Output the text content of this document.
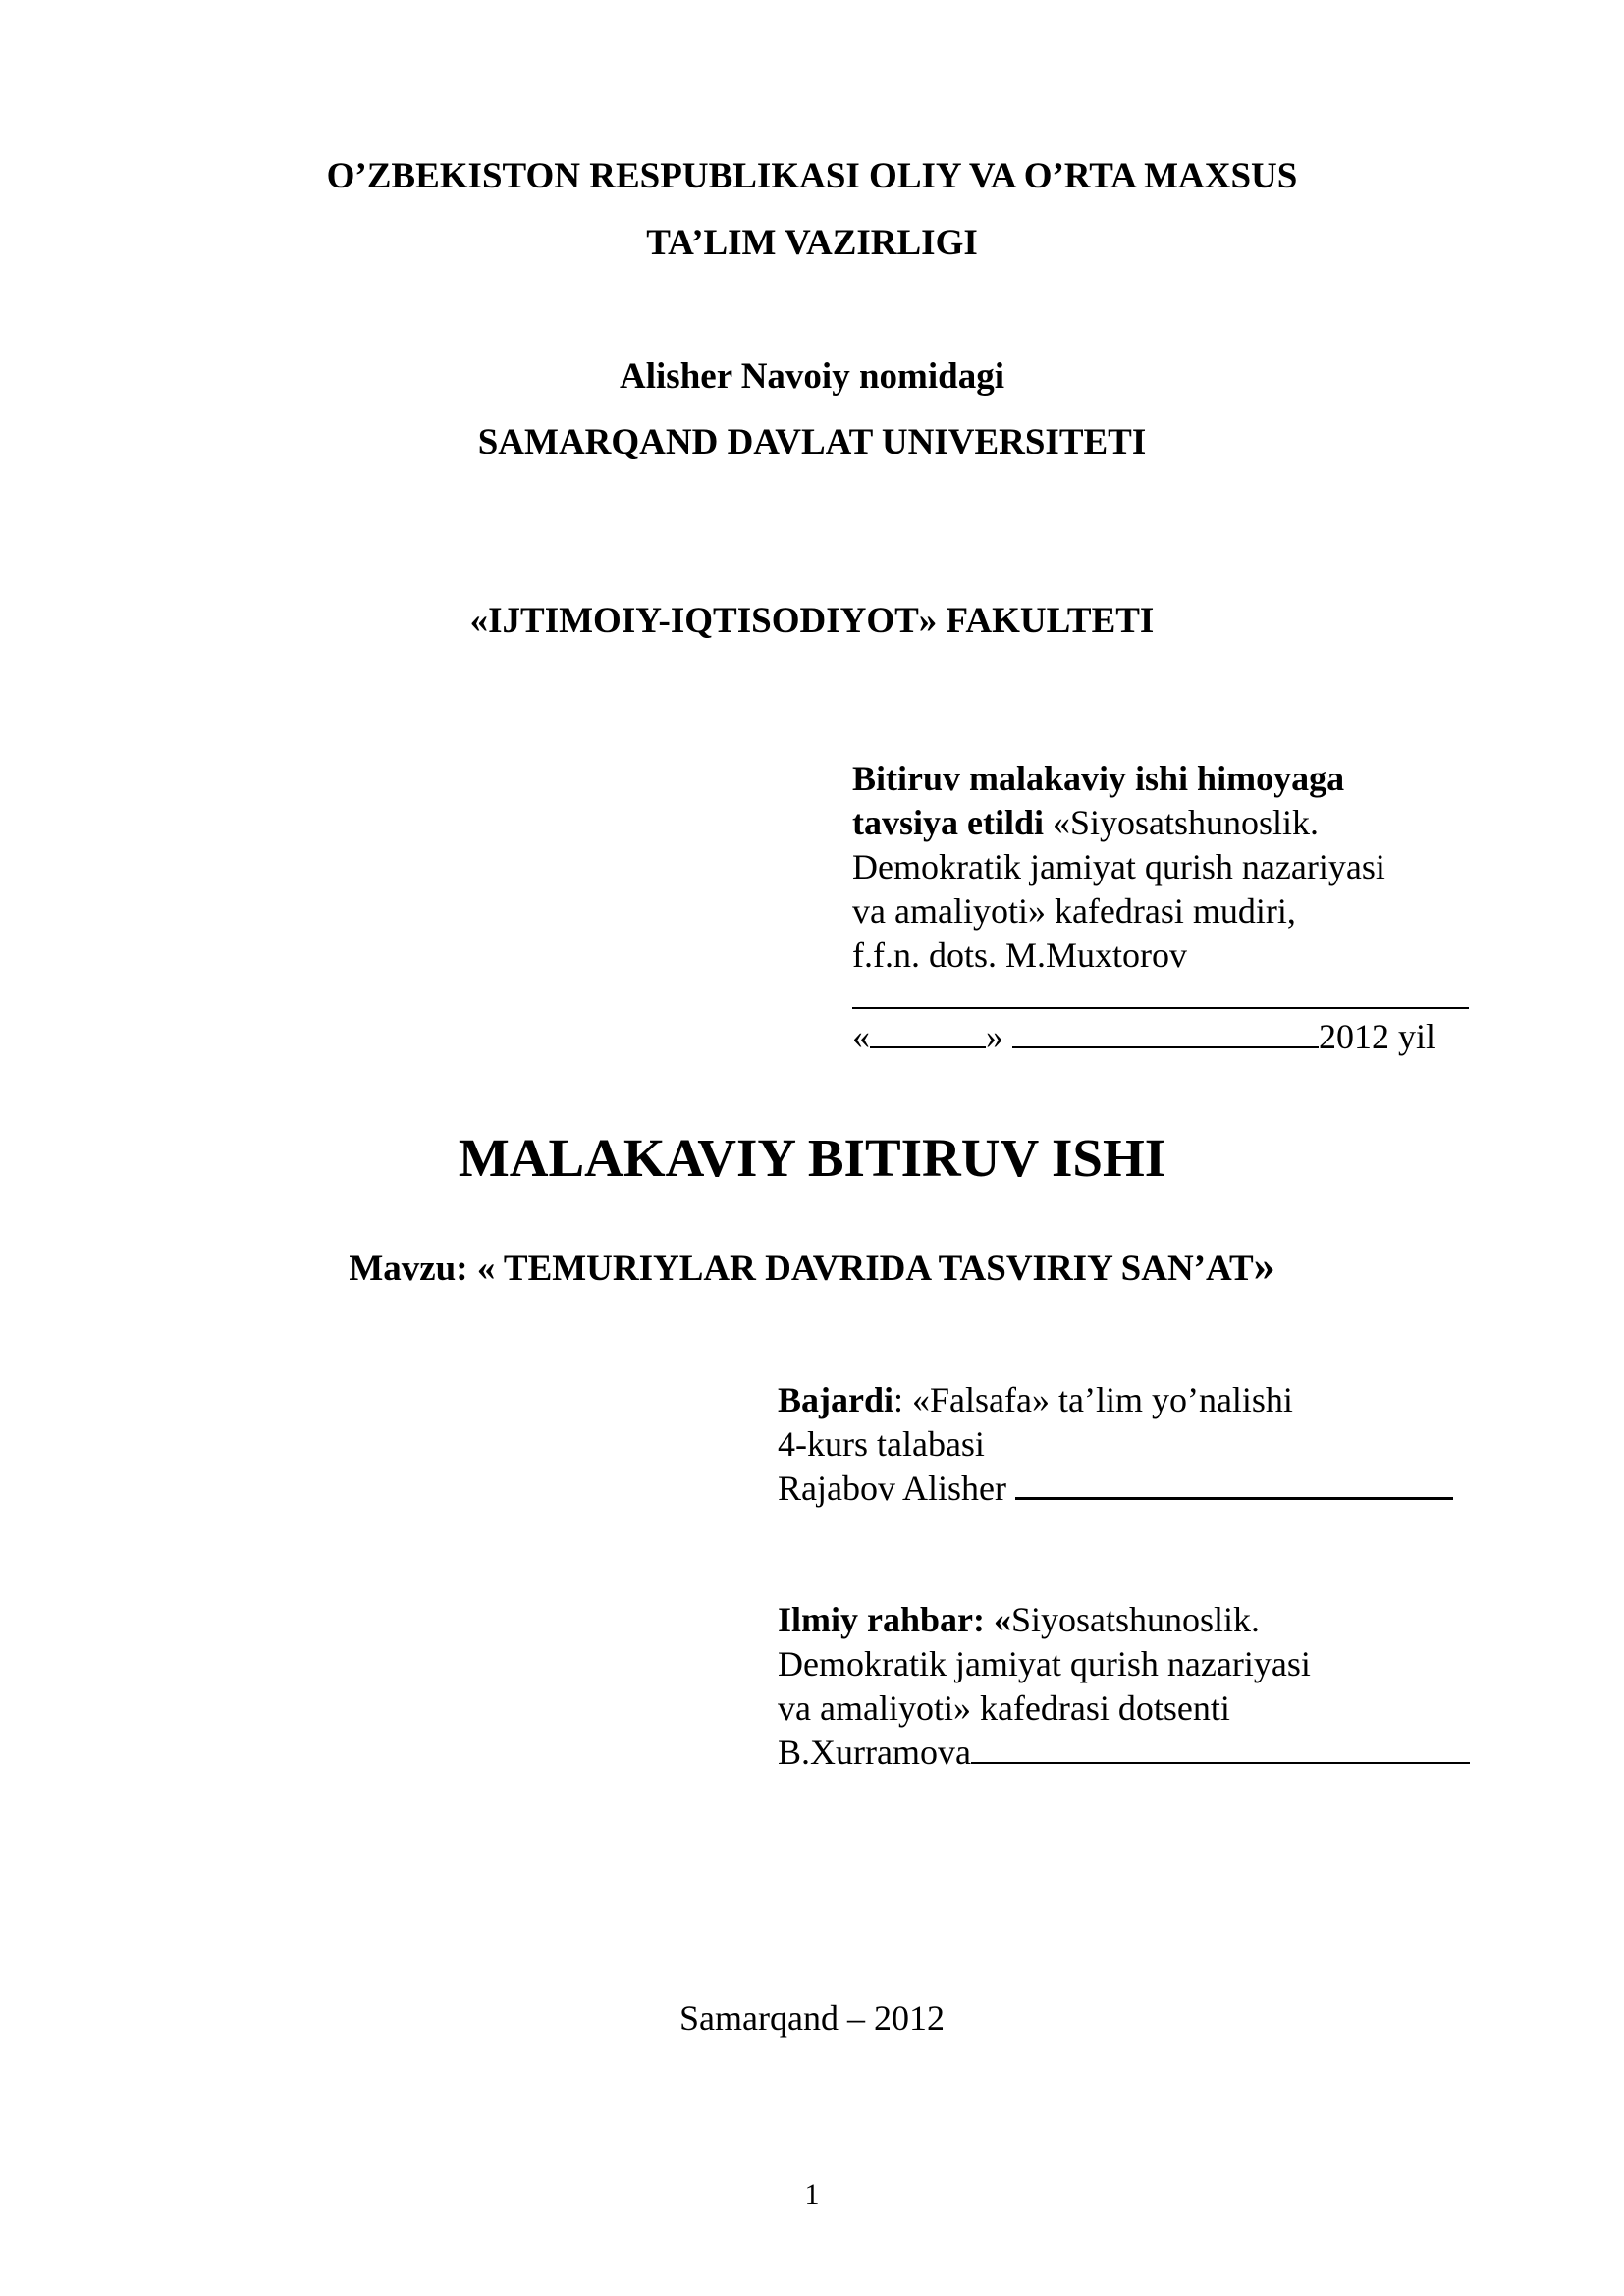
O’ZBEKISTON RESPUBLIKASI OLIY VA O’RTA MAXSUS
TA’LIM VAZIRLIGI
Alisher Navoiy nomidagi
SAMARQAND DAVLAT UNIVERSITETI
«IJTIMOIY-IQTISODIYOT» FAKULTETI
Bitiruv malakaviy ishi himoyaga
tavsiya etildi «Siyosatshunoslik.
Demokratik jamiyat qurish nazariyasi
va amaliyoti» kafedrasi mudiri,
f.f.n. dots. M.Muxtorov
«	»	2012 yil
MALAKAVIY BITIRUV ISHI
Mavzu: « TEMURIYLAR DAVRIDA TASVIRIY SAN’AT»
Bajardi: «Falsafa» ta’lim yo’nalishi
4-kurs talabasi
Rajabov Alisher
Ilmiy rahbar: «Siyosatshunoslik.
Demokratik jamiyat qurish nazariyasi
va amaliyoti» kafedrasi dotsenti
B.Xurramova
Samarqand – 2012
1
